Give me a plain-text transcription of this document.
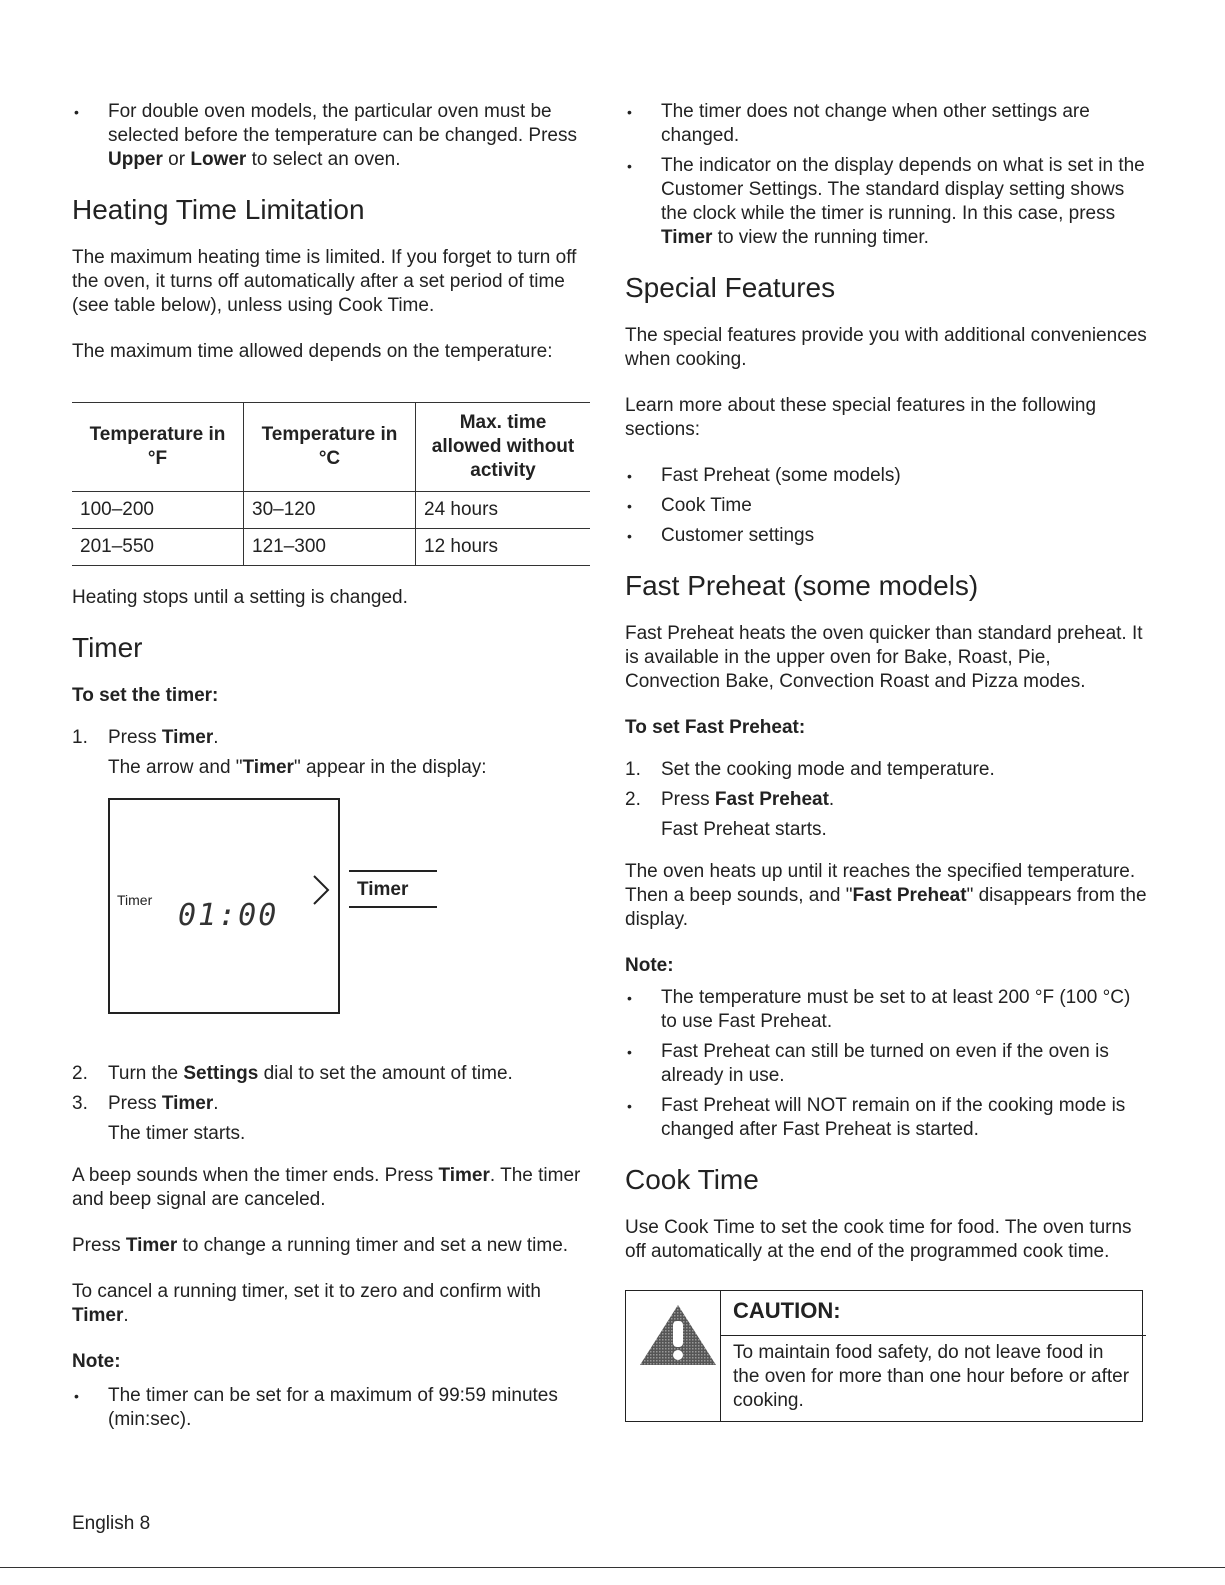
• For double oven models, the particular oven must be selected before the temperature can be changed. Press Upper or Lower to select an oven.
Heating Time Limitation

The maximum heating time is limited. If you forget to turn off the oven, it turns off automatically after a set period of time (see table below), unless using Cook Time.

The maximum time allowed depends on the temperature:

Temperature in °F	Temperature in °C	Max. time allowed without activity
100–200	30–120	24 hours
201–550	121–300	12 hours

Heating stops until a setting is changed.

Timer

To set the timer:

1. Press Timer.
The arrow and "Timer" appear in the display:
Timer 01:00
Timer
2. Turn the Settings dial to set the amount of time.
3. Press Timer.
The timer starts.

A beep sounds when the timer ends. Press Timer. The timer and beep signal are canceled.

Press Timer to change a running timer and set a new time.

To cancel a running timer, set it to zero and confirm with Timer.

Note:

• The timer can be set for a maximum of 99:59 minutes (min:sec).
• The timer does not change when other settings are changed.
• The indicator on the display depends on what is set in the Customer Settings. The standard display setting shows the clock while the timer is running. In this case, press Timer to view the running timer.
Special Features

The special features provide you with additional conveniences when cooking.

Learn more about these special features in the following sections:

• Fast Preheat (some models)
• Cook Time
• Customer settings
Fast Preheat (some models)

Fast Preheat heats the oven quicker than standard preheat. It is available in the upper oven for Bake, Roast, Pie, Convection Bake, Convection Roast and Pizza modes.

To set Fast Preheat:

1. Set the cooking mode and temperature.
2. Press Fast Preheat.
Fast Preheat starts.

The oven heats up until it reaches the specified temperature. Then a beep sounds, and "Fast Preheat" disappears from the display.

Note:

• The temperature must be set to at least 200 °F (100 °C) to use Fast Preheat.
• Fast Preheat can still be turned on even if the oven is already in use.
• Fast Preheat will NOT remain on if the cooking mode is changed after Fast Preheat is started.
Cook Time

Use Cook Time to set the cook time for food. The oven turns off automatically at the end of the programmed cook time.

CAUTION:
To maintain food safety, do not leave food in the oven for more than one hour before or after cooking.
English 8
